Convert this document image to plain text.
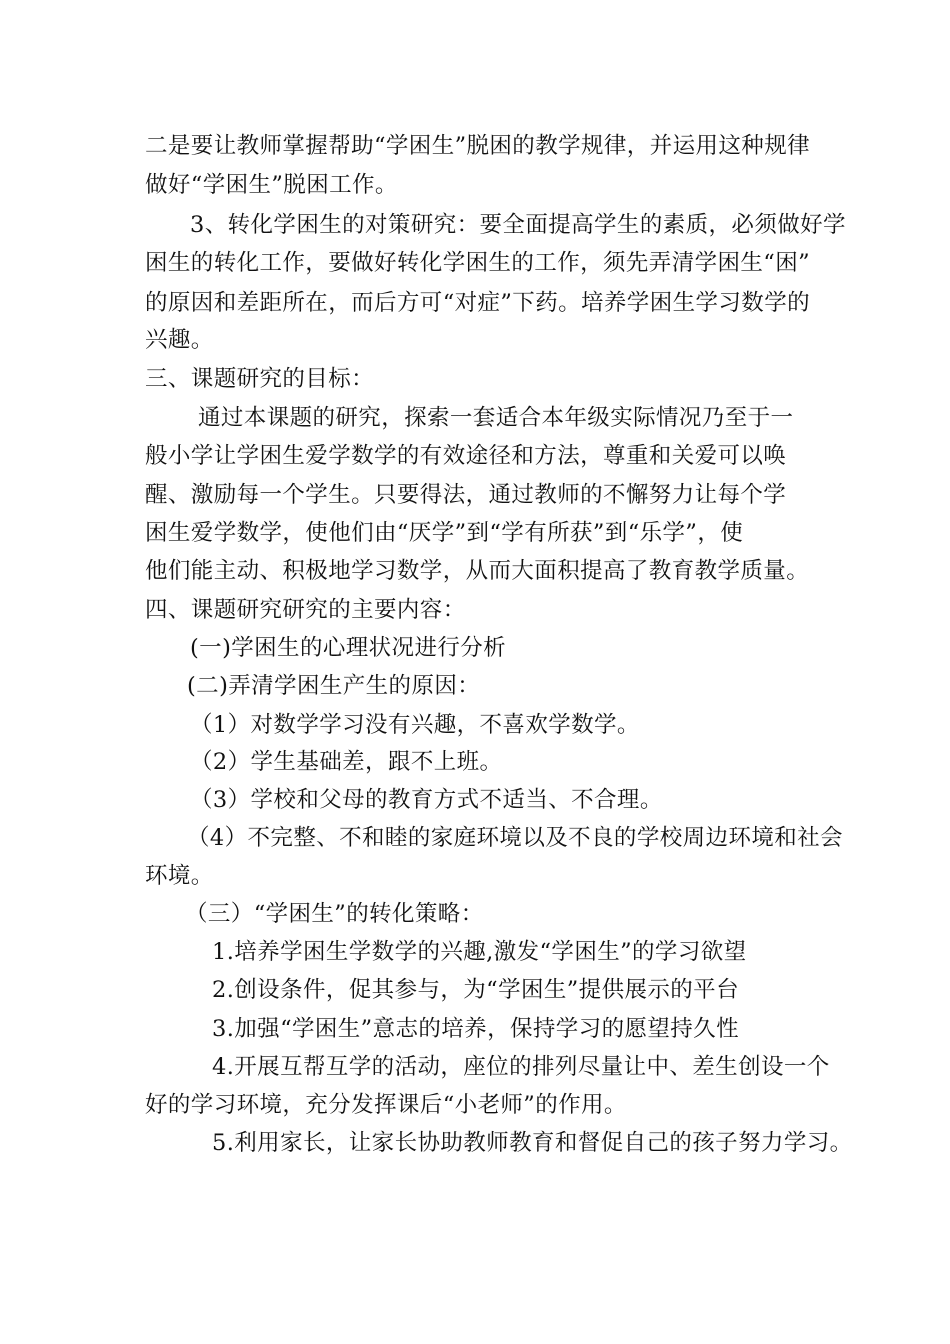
二是要让教师掌握帮助“学困生”脱困的教学规律，并运用这种规律
做好“学困生”脱困工作。
3、转化学困生的对策研究：要全面提高学生的素质，必须做好学
困生的转化工作，要做好转化学困生的工作，须先弄清学困生“困”
的原因和差距所在，而后方可“对症”下药。培养学困生学习数学的
兴趣。
三、课题研究的目标：
通过本课题的研究，探索一套适合本年级实际情况乃至于一
般小学让学困生爱学数学的有效途径和方法，尊重和关爱可以唤
醒、激励每一个学生。只要得法，通过教师的不懈努力让每个学
困生爱学数学，使他们由“厌学”到“学有所获”到“乐学”，使
他们能主动、积极地学习数学，从而大面积提高了教育教学质量。
四、课题研究研究的主要内容：
(一)学困生的心理状况进行分析
(二)弄清学困生产生的原因：
（1）对数学学习没有兴趣，不喜欢学数学。
（2）学生基础差，跟不上班。
（3）学校和父母的教育方式不适当、不合理。
（4）不完整、不和睦的家庭环境以及不良的学校周边环境和社会
环境。
（三）“学困生”的转化策略：
1.培养学困生学数学的兴趣,激发“学困生”的学习欲望
2.创设条件，促其参与，为“学困生”提供展示的平台
3.加强“学困生”意志的培养，保持学习的愿望持久性
4.开展互帮互学的活动，座位的排列尽量让中、差生创设一个
好的学习环境，充分发挥课后“小老师”的作用。
5.利用家长，让家长协助教师教育和督促自己的孩子努力学习。
